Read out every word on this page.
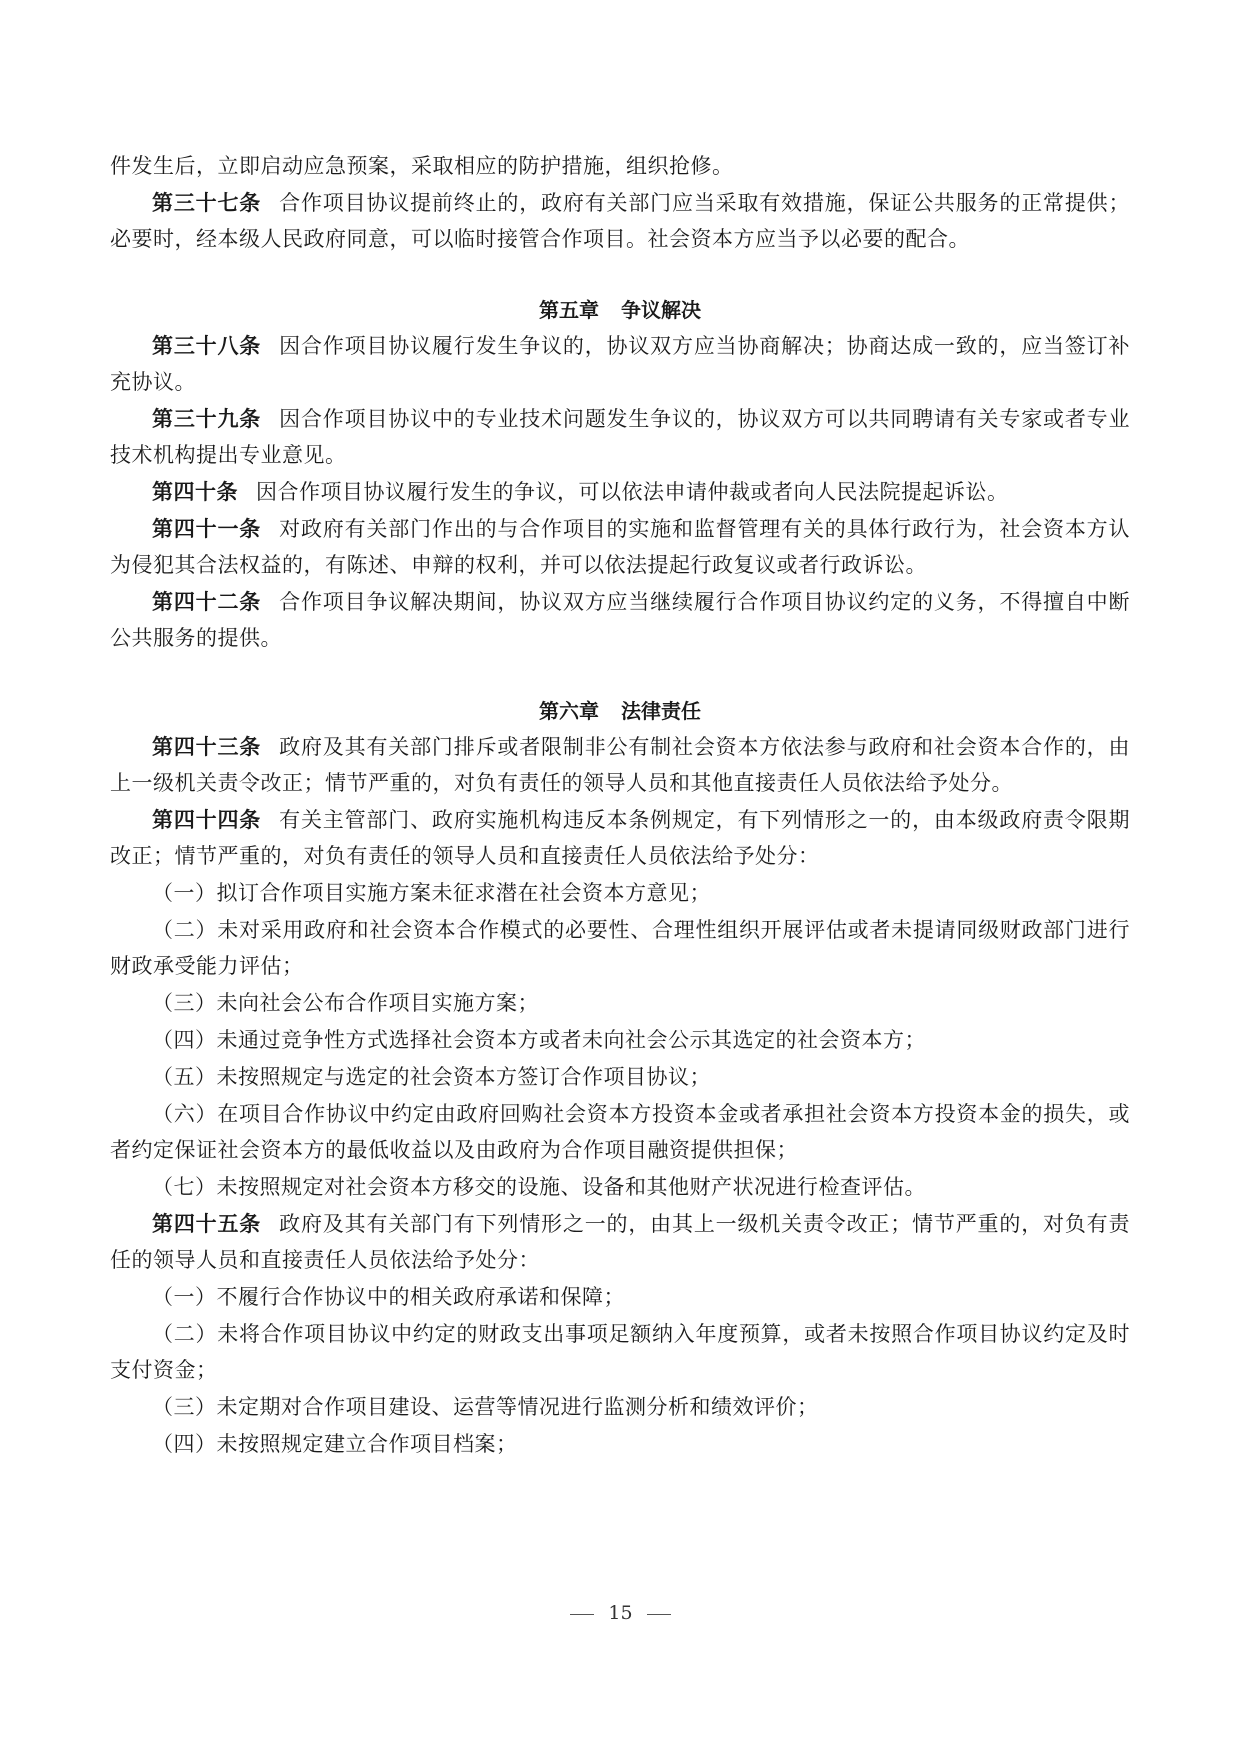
件发生后，立即启动应急预案，采取相应的防护措施，组织抢修。

第三十七条 合作项目协议提前终止的，政府有关部门应当采取有效措施，保证公共服务的正常提供；必要时，经本级人民政府同意，可以临时接管合作项目。社会资本方应当予以必要的配合。

第五章 争议解决

第三十八条 因合作项目协议履行发生争议的，协议双方应当协商解决；协商达成一致的，应当签订补充协议。

第三十九条 因合作项目协议中的专业技术问题发生争议的，协议双方可以共同聘请有关专家或者专业技术机构提出专业意见。

第四十条 因合作项目协议履行发生的争议，可以依法申请仲裁或者向人民法院提起诉讼。

第四十一条 对政府有关部门作出的与合作项目的实施和监督管理有关的具体行政行为，社会资本方认为侵犯其合法权益的，有陈述、申辩的权利，并可以依法提起行政复议或者行政诉讼。

第四十二条 合作项目争议解决期间，协议双方应当继续履行合作项目协议约定的义务，不得擅自中断公共服务的提供。

第六章 法律责任

第四十三条 政府及其有关部门排斥或者限制非公有制社会资本方依法参与政府和社会资本合作的，由上一级机关责令改正；情节严重的，对负有责任的领导人员和其他直接责任人员依法给予处分。

第四十四条 有关主管部门、政府实施机构违反本条例规定，有下列情形之一的，由本级政府责令限期改正；情节严重的，对负有责任的领导人员和直接责任人员依法给予处分：

（一）拟订合作项目实施方案未征求潜在社会资本方意见；

（二）未对采用政府和社会资本合作模式的必要性、合理性组织开展评估或者未提请同级财政部门进行财政承受能力评估；

（三）未向社会公布合作项目实施方案；

（四）未通过竞争性方式选择社会资本方或者未向社会公示其选定的社会资本方；

（五）未按照规定与选定的社会资本方签订合作项目协议；

（六）在项目合作协议中约定由政府回购社会资本方投资本金或者承担社会资本方投资本金的损失，或者约定保证社会资本方的最低收益以及由政府为合作项目融资提供担保；

（七）未按照规定对社会资本方移交的设施、设备和其他财产状况进行检查评估。

第四十五条 政府及其有关部门有下列情形之一的，由其上一级机关责令改正；情节严重的，对负有责任的领导人员和直接责任人员依法给予处分：

（一）不履行合作协议中的相关政府承诺和保障；

（二）未将合作项目协议中约定的财政支出事项足额纳入年度预算，或者未按照合作项目协议约定及时支付资金；

（三）未定期对合作项目建设、运营等情况进行监测分析和绩效评价；

（四）未按照规定建立合作项目档案；

15
